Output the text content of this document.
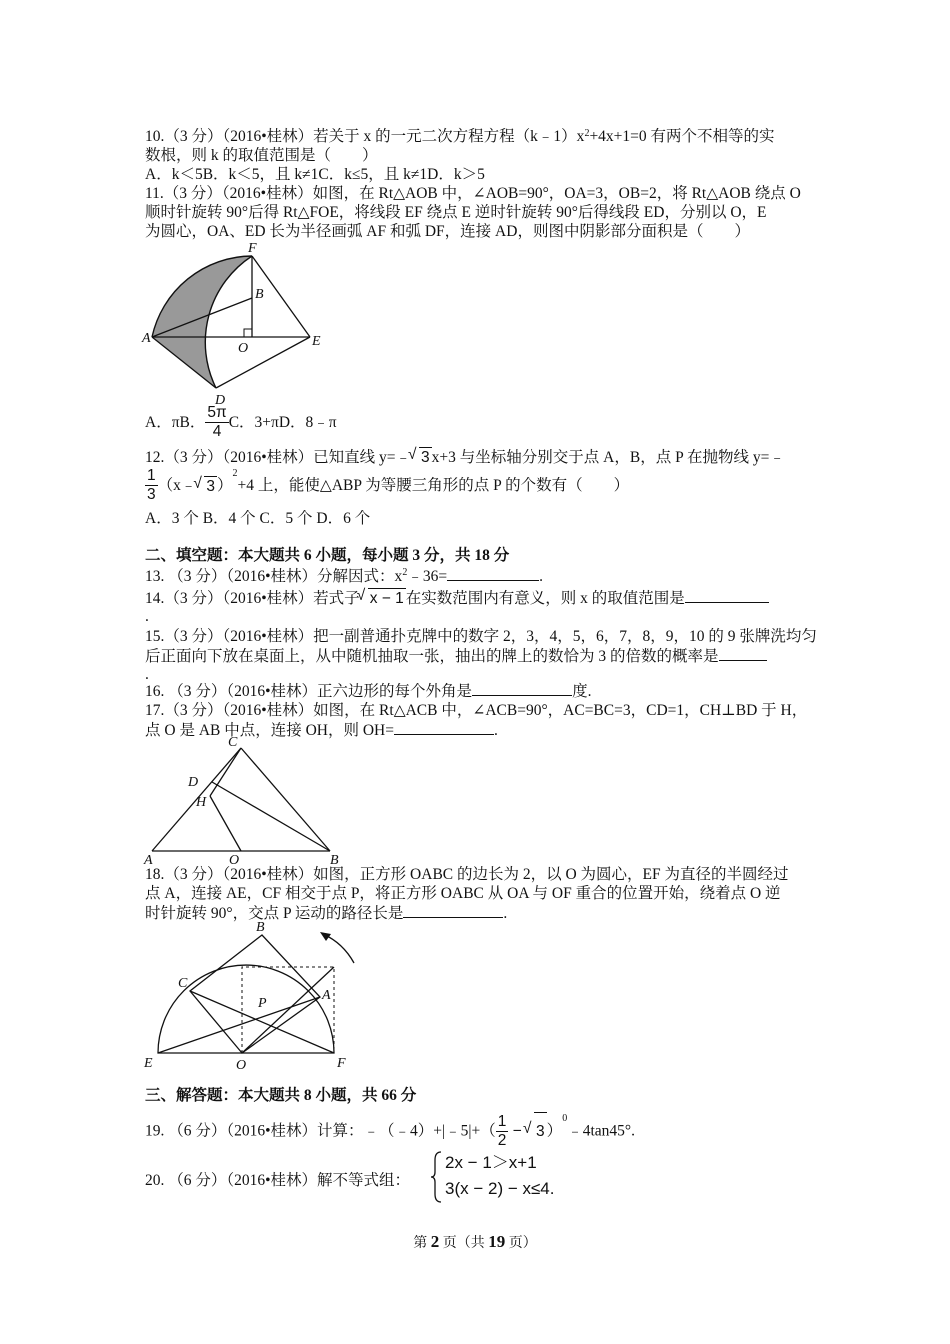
10.（3 分）（2016•桂林）若关于 x 的一元二次方程方程$(k﹣1)x^2+4x+1=0$ 有两个不相等的实
数根，则 k 的取值范围是（　　）
A．k＜5B．k＜5，且 k≠1C．k≤5，且 k≠1D．k＞5
11.（3 分）（2016•桂林）如图，在 Rt△AOB 中，∠AOB=90°，OA=3，OB=2，将 Rt△AOB 绕点 O
顺时针旋转 90°后得 Rt△FOE，将线段 EF 绕点 E 逆时针旋转 90°后得线段 ED，分别以 O，E
为圆心，OA、ED 长为半径画弧 AF 和弧 DF，连接 AD，则图中阴影部分面积是（　　）
F
B
A
O	E
D
A．πB． $\frac{5\pi}{4}$ C．3+πD．8﹣π
12.（3 分）（2016•桂林）已知直线 y=﹣ √ 3 x+3 与坐标轴分别交于点 A，B，点 P 在抛物线 y=﹣
$\frac{1}{3}$ （x﹣ √ 3 ）$^2$+4 上，能使△ABP 为等腰三角形的点 P 的个数有（　　）
A．3 个 B．4 个 C．5 个 D．6 个
二、填空题：本大题共 6 小题，每小题 3 分，共 18 分
13. （3 分）（2016•桂林）分解因式：$x^2﹣36=$	.
14.（3 分）（2016•桂林）若式子 √ x − 1 在实数范围内有意义，则 x 的取值范围是
.
15.（3 分）（2016•桂林）把一副普通扑克牌中的数字 2，3，4，5，6，7，8，9，10 的 9 张牌洗均匀
后正面向下放在桌面上，从中随机抽取一张，抽出的牌上的数恰为 3 的倍数的概率是
.
16. （3 分）（2016•桂林）正六边形的每个外角是	度.
17.（3 分）（2016•桂林）如图，在 Rt△ACB 中，∠ACB=90°，AC=BC=3，CD=1，CH⊥BD 于 H，
点 O 是 AB 中点，连接 OH，则 OH=	.
C
D
H
A	O	B
18.（3 分）（2016•桂林）如图，正方形 OABC 的边长为 2，以 O 为圆心，EF 为直径的半圆经过
点 A，连接 AE，CF 相交于点 P，将正方形 OABC 从 OA 与 OF 重合的位置开始，绕着点 O 逆
时针旋转 90°，交点 P 运动的路径长是	.
B
C
P
A
E	O	F
三、解答题：本大题共 8 小题，共 66 分
19. （6 分）（2016•桂林）计算：﹣（﹣4）+|﹣5|+（ $\frac{1}{2}$ − √ 3 ）$^0$﹣4tan45°.
20. （6 分）（2016•桂林）解不等式组：
2x − 1＞x+1
3(x − 2) − x≤4.
第 2 页（共 19 页）
